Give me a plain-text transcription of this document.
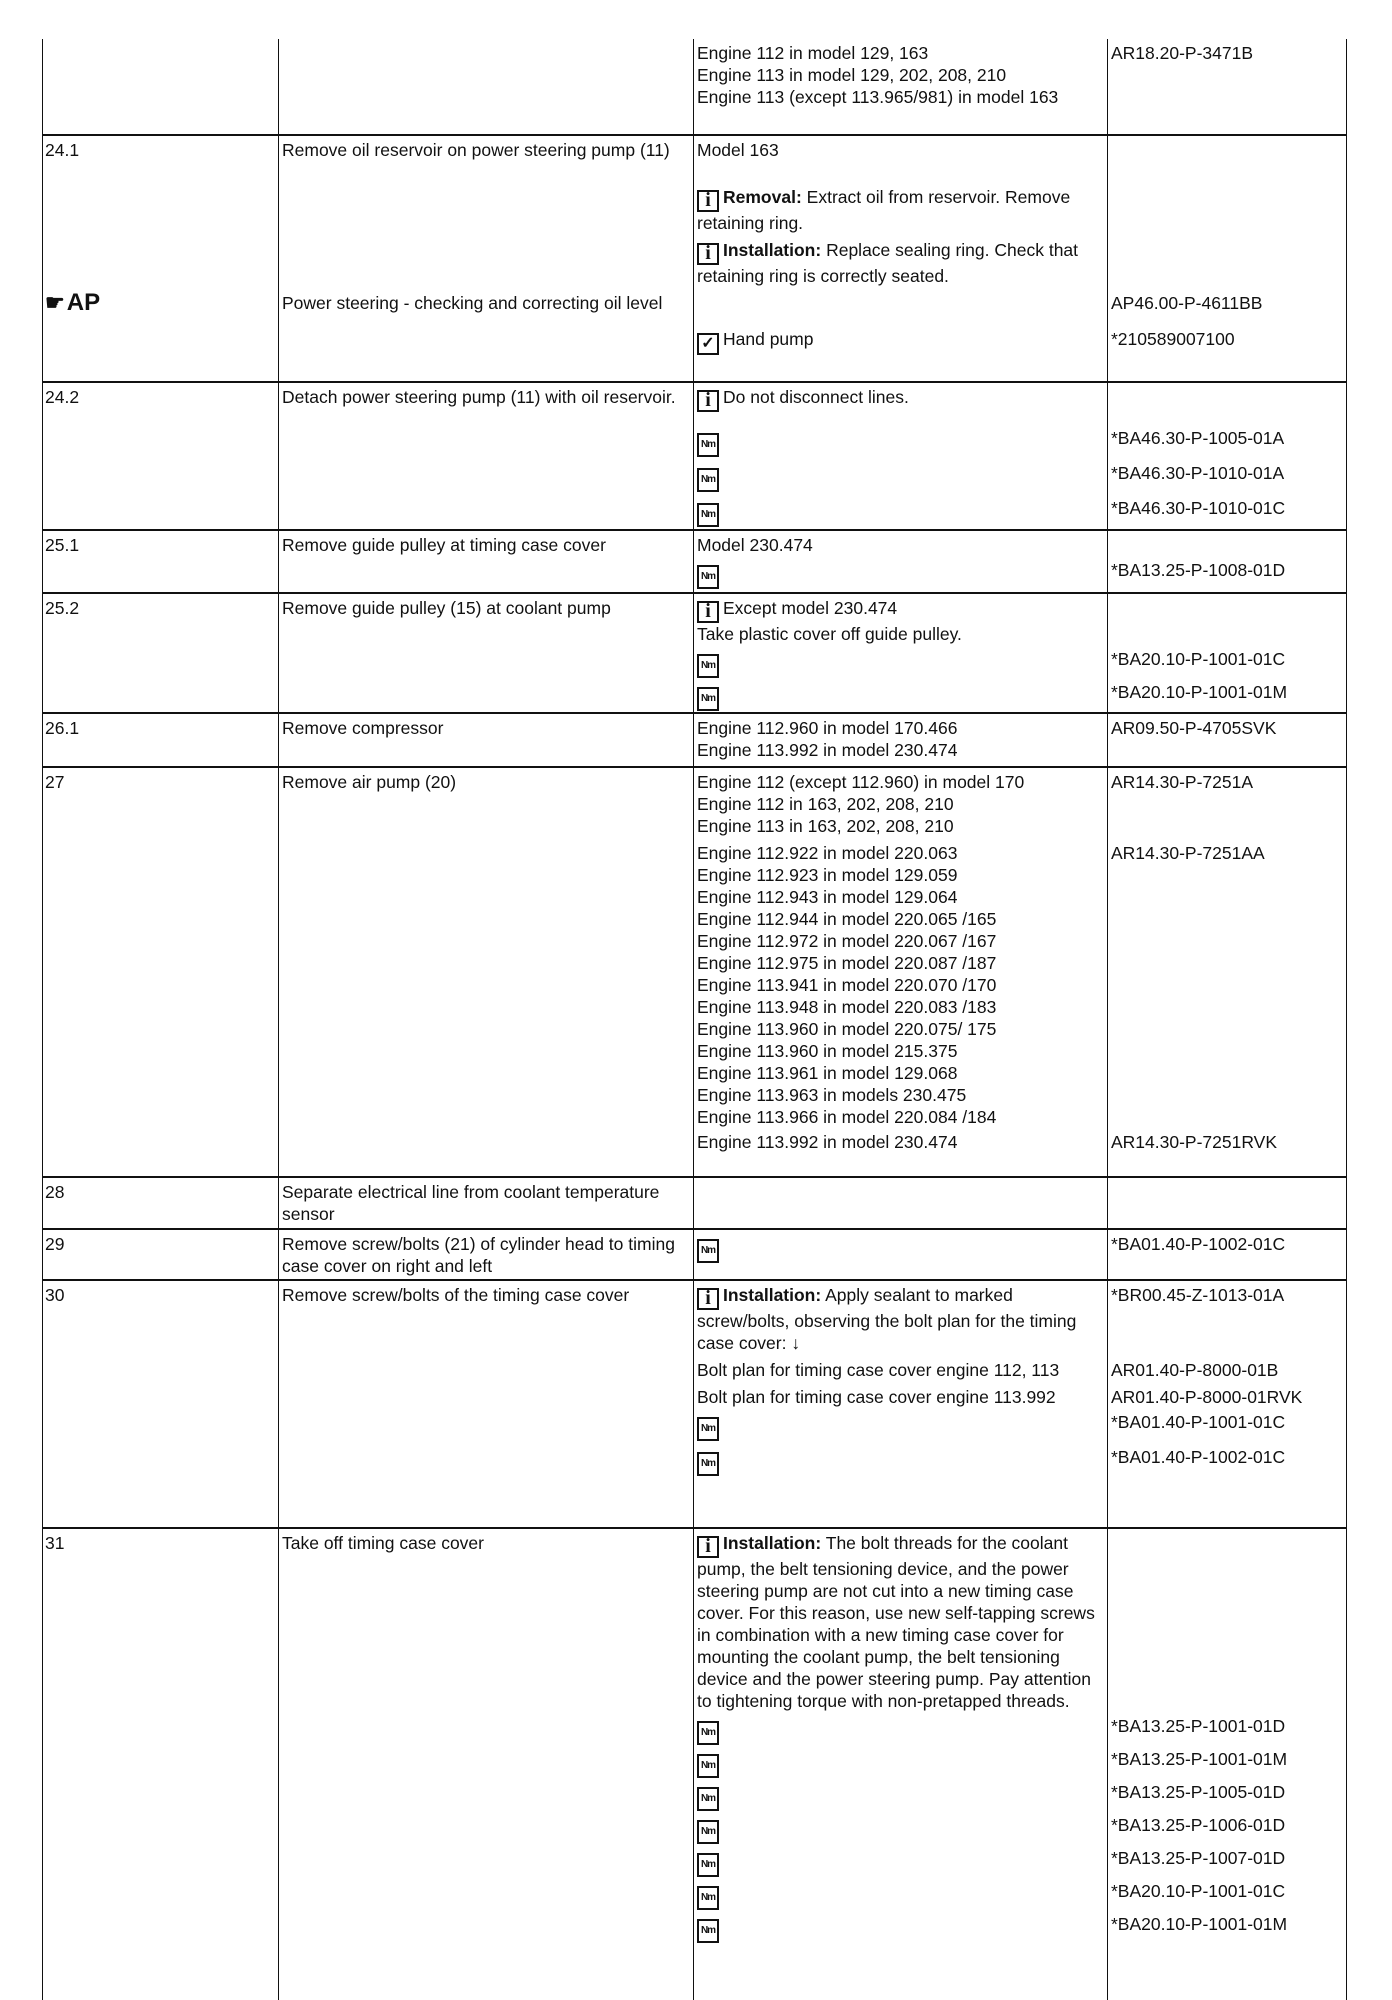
Engine 112 in model 129, 163
Engine 113 in model 129, 202, 208, 210
Engine 113 (except 113.965/981) in model 163
AR18.20-P-3471B
24.1	Remove oil reservoir on power steering pump (11)	Model 163
i Removal: Extract oil from reservoir. Remove retaining ring.
i Installation: Replace sealing ring. Check that retaining ring is correctly seated.
☛ AP	Power steering - checking and correcting oil level	AP46.00-P-4611BB
✓ Hand pump	*210589007100
24.2	Detach power steering pump (11) with oil reservoir.	i Do not disconnect lines.
Nm	*BA46.30-P-1005-01A
Nm	*BA46.30-P-1010-01A
Nm	*BA46.30-P-1010-01C
25.1	Remove guide pulley at timing case cover	Model 230.474
Nm	*BA13.25-P-1008-01D
25.2	Remove guide pulley (15) at coolant pump	i Except model 230.474
Take plastic cover off guide pulley.
Nm	*BA20.10-P-1001-01C
Nm	*BA20.10-P-1001-01M
26.1	Remove compressor	Engine 112.960 in model 170.466
Engine 113.992 in model 230.474
AR09.50-P-4705SVK
27	Remove air pump (20)	Engine 112 (except 112.960) in model 170
Engine 112 in 163, 202, 208, 210
Engine 113 in 163, 202, 208, 210
AR14.30-P-7251A
Engine 112.922 in model 220.063
Engine 112.923 in model 129.059
Engine 112.943 in model 129.064
Engine 112.944 in model 220.065 /165
Engine 112.972 in model 220.067 /167
Engine 112.975 in model 220.087 /187
Engine 113.941 in model 220.070 /170
Engine 113.948 in model 220.083 /183
Engine 113.960 in model 220.075/ 175
Engine 113.960 in model 215.375
Engine 113.961 in model 129.068
Engine 113.963 in models 230.475
Engine 113.966 in model 220.084 /184
AR14.30-P-7251AA
Engine 113.992 in model 230.474	AR14.30-P-7251RVK
28	Separate electrical line from coolant temperature sensor
29	Remove screw/bolts (21) of cylinder head to timing case cover on right and left
Nm	*BA01.40-P-1002-01C
30	Remove screw/bolts of the timing case cover	i Installation: Apply sealant to marked screw/bolts, observing the bolt plan for the timing case cover: ↓
*BR00.45-Z-1013-01A
Bolt plan for timing case cover engine 112, 113	AR01.40-P-8000-01B
Bolt plan for timing case cover engine 113.992	AR01.40-P-8000-01RVK
Nm	*BA01.40-P-1001-01C
Nm	*BA01.40-P-1002-01C
31	Take off timing case cover	i Installation: The bolt threads for the coolant pump, the belt tensioning device, and the power steering pump are not cut into a new timing case cover. For this reason, use new self-tapping screws in combination with a new timing case cover for mounting the coolant pump, the belt tensioning device and the power steering pump. Pay attention to tightening torque with non-pretapped threads.
Nm	*BA13.25-P-1001-01D
Nm	*BA13.25-P-1001-01M
Nm	*BA13.25-P-1005-01D
Nm	*BA13.25-P-1006-01D
Nm	*BA13.25-P-1007-01D
Nm	*BA20.10-P-1001-01C
Nm	*BA20.10-P-1001-01M
